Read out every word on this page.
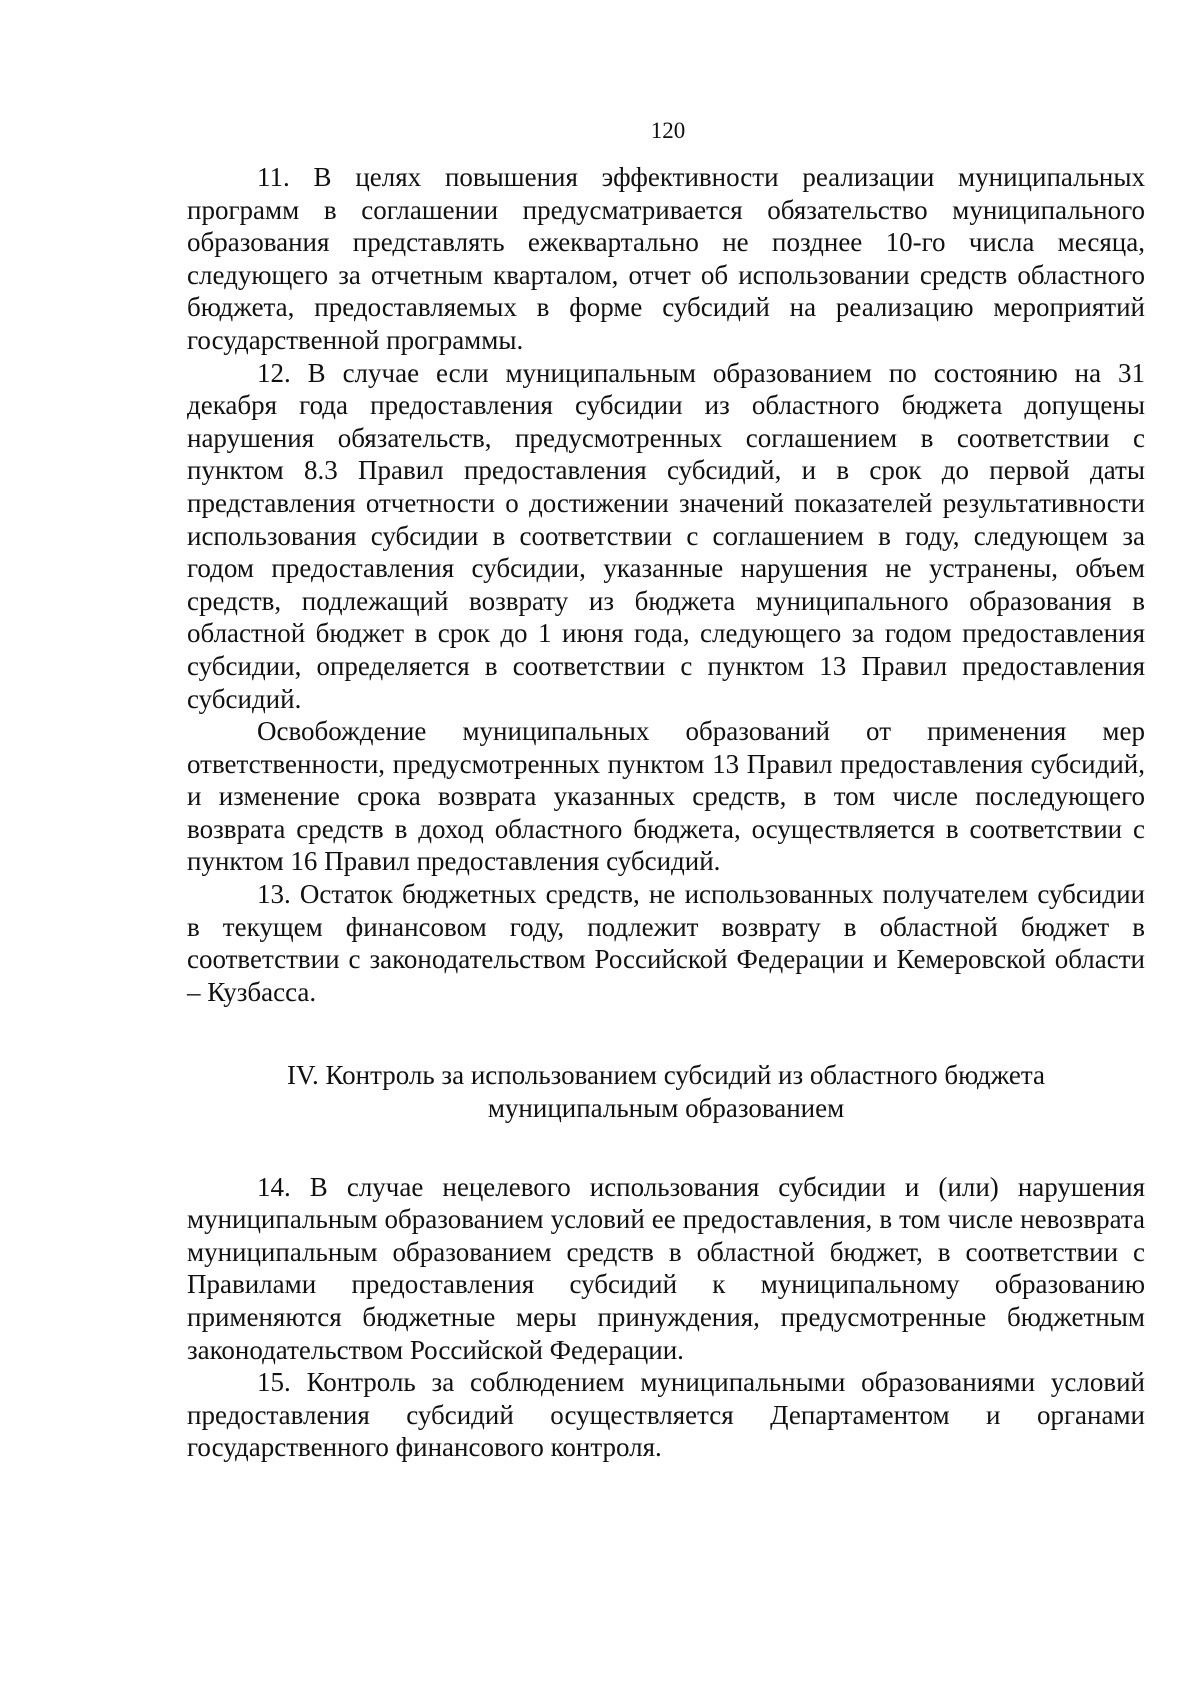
120

11. В целях повышения эффективности реализации муниципальных программ в соглашении предусматривается обязательство муниципального образования представлять ежеквартально не позднее 10-го числа месяца, следующего за отчетным кварталом, отчет об использовании средств областного бюджета, предоставляемых в форме субсидий на реализацию мероприятий государственной программы.

12. В случае если муниципальным образованием по состоянию на 31 декабря года предоставления субсидии из областного бюджета допущены нарушения обязательств, предусмотренных соглашением в соответствии с пунктом 8.3 Правил предоставления субсидий, и в срок до первой даты представления отчетности о достижении значений показателей результативности использования субсидии в соответствии с соглашением в году, следующем за годом предоставления субсидии, указанные нарушения не устранены, объем средств, подлежащий возврату из бюджета муниципального образования в областной бюджет в срок до 1 июня года, следующего за годом предоставления субсидии, определяется в соответствии с пунктом 13 Правил предоставления субсидий.

Освобождение муниципальных образований от применения мер ответственности, предусмотренных пунктом 13 Правил предоставления субсидий, и изменение срока возврата указанных средств, в том числе последующего возврата средств в доход областного бюджета, осуществляется в соответствии с пунктом 16 Правил предоставления субсидий.

13. Остаток бюджетных средств, не использованных получателем субсидии в текущем финансовом году, подлежит возврату в областной бюджет в соответствии с законодательством Российской Федерации и Кемеровской области – Кузбасса.

IV. Контроль за использованием субсидий из областного бюджета
муниципальным образованием

14. В случае нецелевого использования субсидии и (или) нарушения муниципальным образованием условий ее предоставления, в том числе невозврата муниципальным образованием средств в областной бюджет, в соответствии с Правилами предоставления субсидий к муниципальному образованию применяются бюджетные меры принуждения, предусмотренные бюджетным законодательством Российской Федерации.

15. Контроль за соблюдением муниципальными образованиями условий предоставления субсидий осуществляется Департаментом и органами государственного финансового контроля.
